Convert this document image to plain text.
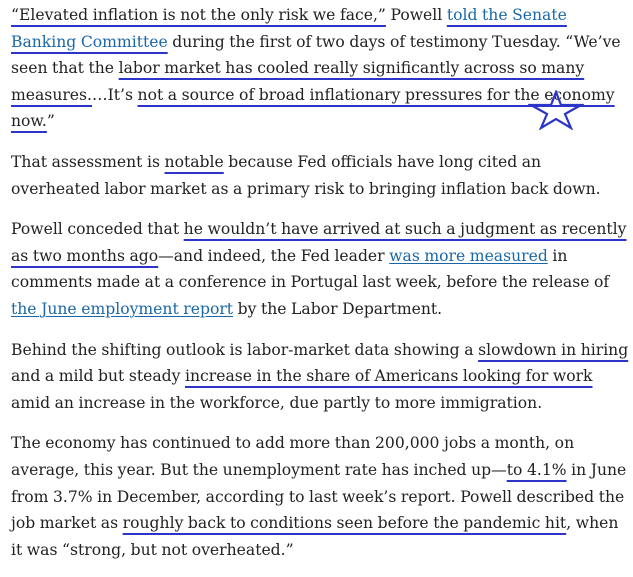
“Elevated inflation is not the only risk we face,” Powell told the Senate Banking Committee during the first of two days of testimony Tuesday. “We’ve seen that the labor market has cooled really significantly across so many measures.…It’s not a source of broad inflationary pressures for the economy now.”

That assessment is notable because Fed officials have long cited an overheated labor market as a primary risk to bringing inflation back down.

Powell conceded that he wouldn’t have arrived at such a judgment as recently as two months ago—and indeed, the Fed leader was more measured in comments made at a conference in Portugal last week, before the release of the June employment report by the Labor Department.

Behind the shifting outlook is labor-market data showing a slowdown in hiring and a mild but steady increase in the share of Americans looking for work amid an increase in the workforce, due partly to more immigration.

The economy has continued to add more than 200,000 jobs a month, on average, this year. But the unemployment rate has inched up—to 4.1% in June from 3.7% in December, according to last week’s report. Powell described the job market as roughly back to conditions seen before the pandemic hit, when it was “strong, but not overheated.”
